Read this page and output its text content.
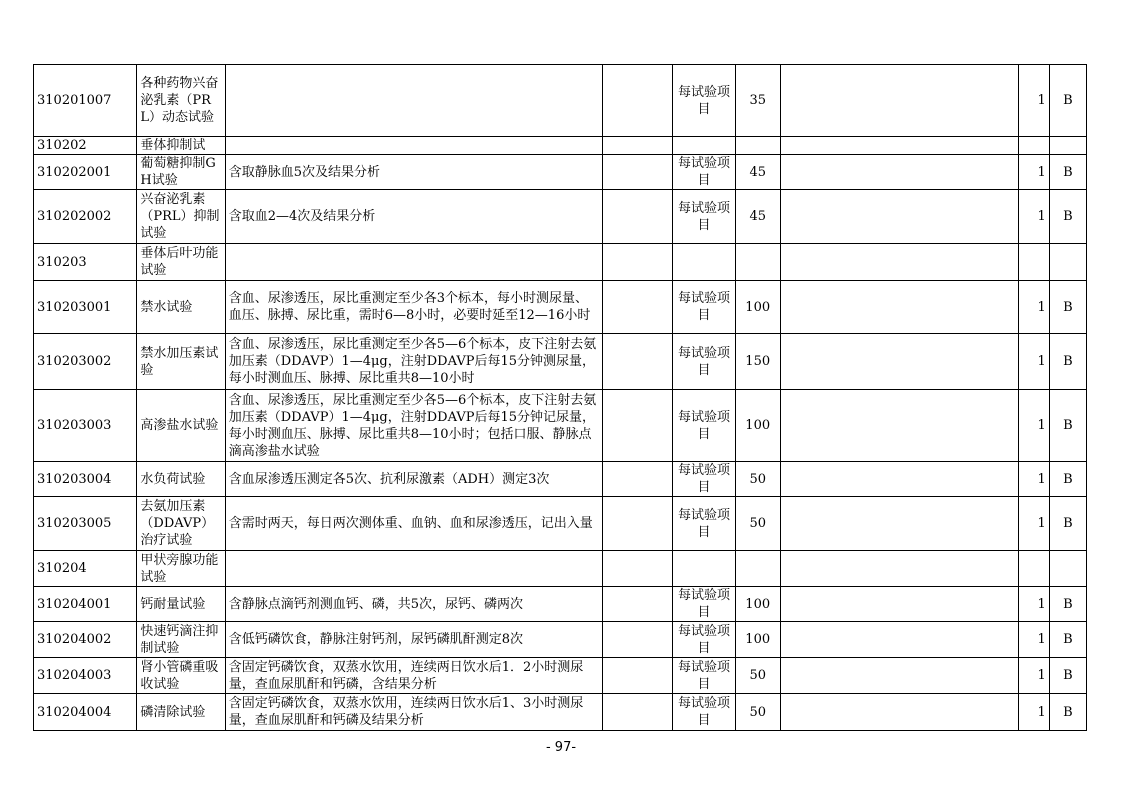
310201007	各种药物兴奋泌乳素（PRL）动态试验			每试验项目	35		1	B
310202	垂体抑制试							
310202001	葡萄糖抑制GH试验	含取静脉血5次及结果分析		每试验项目	45		1	B
310202002	兴奋泌乳素（PRL）抑制试验	含取血2—4次及结果分析		每试验项目	45		1	B
310203	垂体后叶功能试验							
310203001	禁水试验	含血、尿渗透压，尿比重测定至少各3个标本，每小时测尿量、血压、脉搏、尿比重，需时6—8小时，必要时延至12—16小时		每试验项目	100		1	B
310203002	禁水加压素试验	含血、尿渗透压，尿比重测定至少各5—6个标本，皮下注射去氨加压素（DDAVP）1—4μg，注射DDAVP后每15分钟测尿量，每小时测血压、脉搏、尿比重共8—10小时		每试验项目	150		1	B
310203003	高渗盐水试验	含血、尿渗透压，尿比重测定至少各5—6个标本，皮下注射去氨加压素（DDAVP）1—4μg，注射DDAVP后每15分钟记尿量，每小时测血压、脉搏、尿比重共8—10小时；包括口服、静脉点滴高渗盐水试验		每试验项目	100		1	B
310203004	水负荷试验	含血尿渗透压测定各5次、抗利尿激素（ADH）测定3次		每试验项目	50		1	B
310203005	去氨加压素（DDAVP）治疗试验	含需时两天，每日两次测体重、血钠、血和尿渗透压，记出入量		每试验项目	50		1	B
310204	甲状旁腺功能试验							
310204001	钙耐量试验	含静脉点滴钙剂测血钙、磷，共5次，尿钙、磷两次		每试验项目	100		1	B
310204002	快速钙滴注抑制试验	含低钙磷饮食，静脉注射钙剂，尿钙磷肌酐测定8次		每试验项目	100		1	B
310204003	肾小管磷重吸收试验	含固定钙磷饮食，双蒸水饮用，连续两日饮水后1．2小时测尿量，查血尿肌酐和钙磷，含结果分析		每试验项目	50		1	B
310204004	磷清除试验	含固定钙磷饮食，双蒸水饮用，连续两日饮水后1、3小时测尿量，查血尿肌酐和钙磷及结果分析		每试验项目	50		1	B
- 97-
